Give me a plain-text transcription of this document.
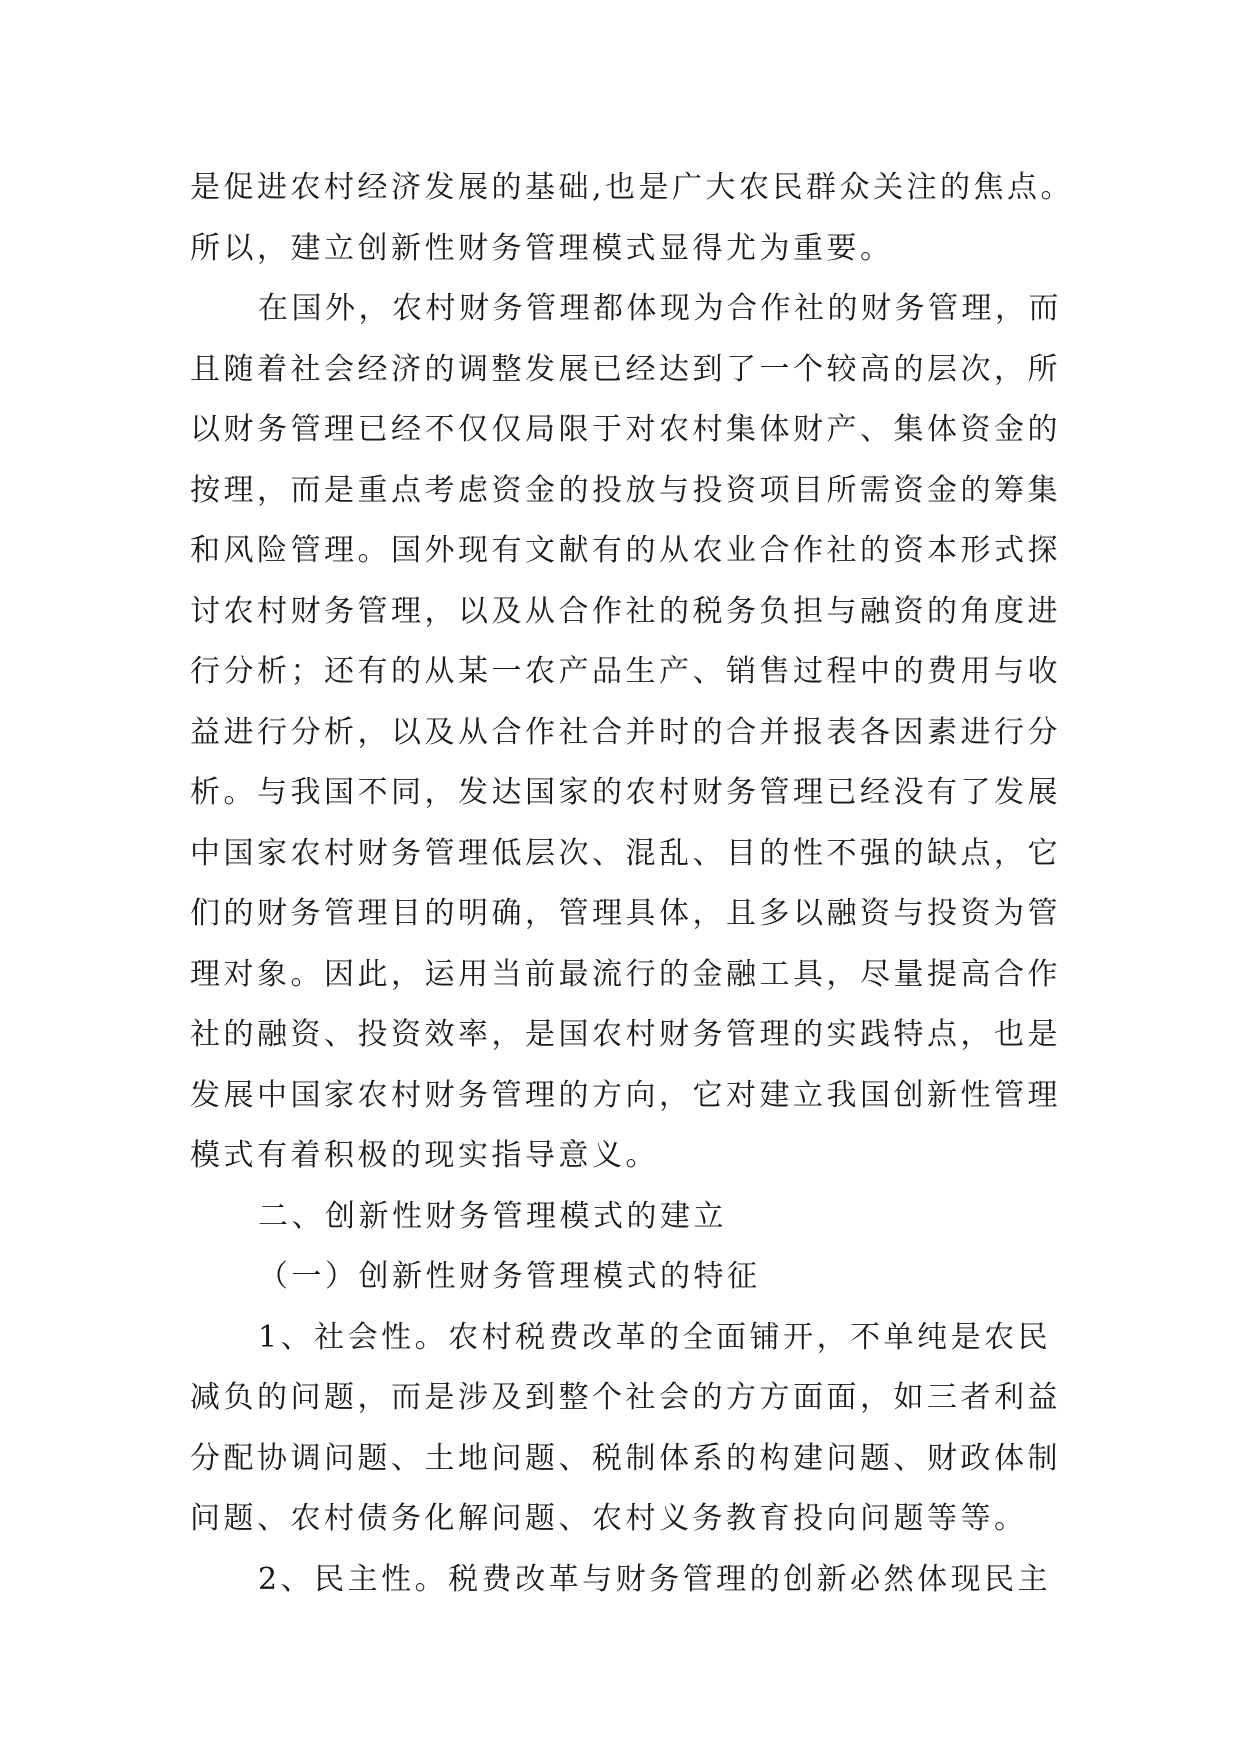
是促进农村经济发展的基础,也是广大农民群众关注的焦点。
所以，建立创新性财务管理模式显得尤为重要。
在国外，农村财务管理都体现为合作社的财务管理，而
且随着社会经济的调整发展已经达到了一个较高的层次，所
以财务管理已经不仅仅局限于对农村集体财产、集体资金的
按理，而是重点考虑资金的投放与投资项目所需资金的筹集
和风险管理。国外现有文献有的从农业合作社的资本形式探
讨农村财务管理，以及从合作社的税务负担与融资的角度进
行分析；还有的从某一农产品生产、销售过程中的费用与收
益进行分析，以及从合作社合并时的合并报表各因素进行分
析。与我国不同，发达国家的农村财务管理已经没有了发展
中国家农村财务管理低层次、混乱、目的性不强的缺点，它
们的财务管理目的明确，管理具体，且多以融资与投资为管
理对象。因此，运用当前最流行的金融工具，尽量提高合作
社的融资、投资效率，是国农村财务管理的实践特点，也是
发展中国家农村财务管理的方向，它对建立我国创新性管理
模式有着积极的现实指导意义。
二、创新性财务管理模式的建立
（一）创新性财务管理模式的特征
1、社会性。农村税费改革的全面铺开，不单纯是农民
减负的问题，而是涉及到整个社会的方方面面，如三者利益
分配协调问题、土地问题、税制体系的构建问题、财政体制
问题、农村债务化解问题、农村义务教育投向问题等等。
2、民主性。税费改革与财务管理的创新必然体现民主
